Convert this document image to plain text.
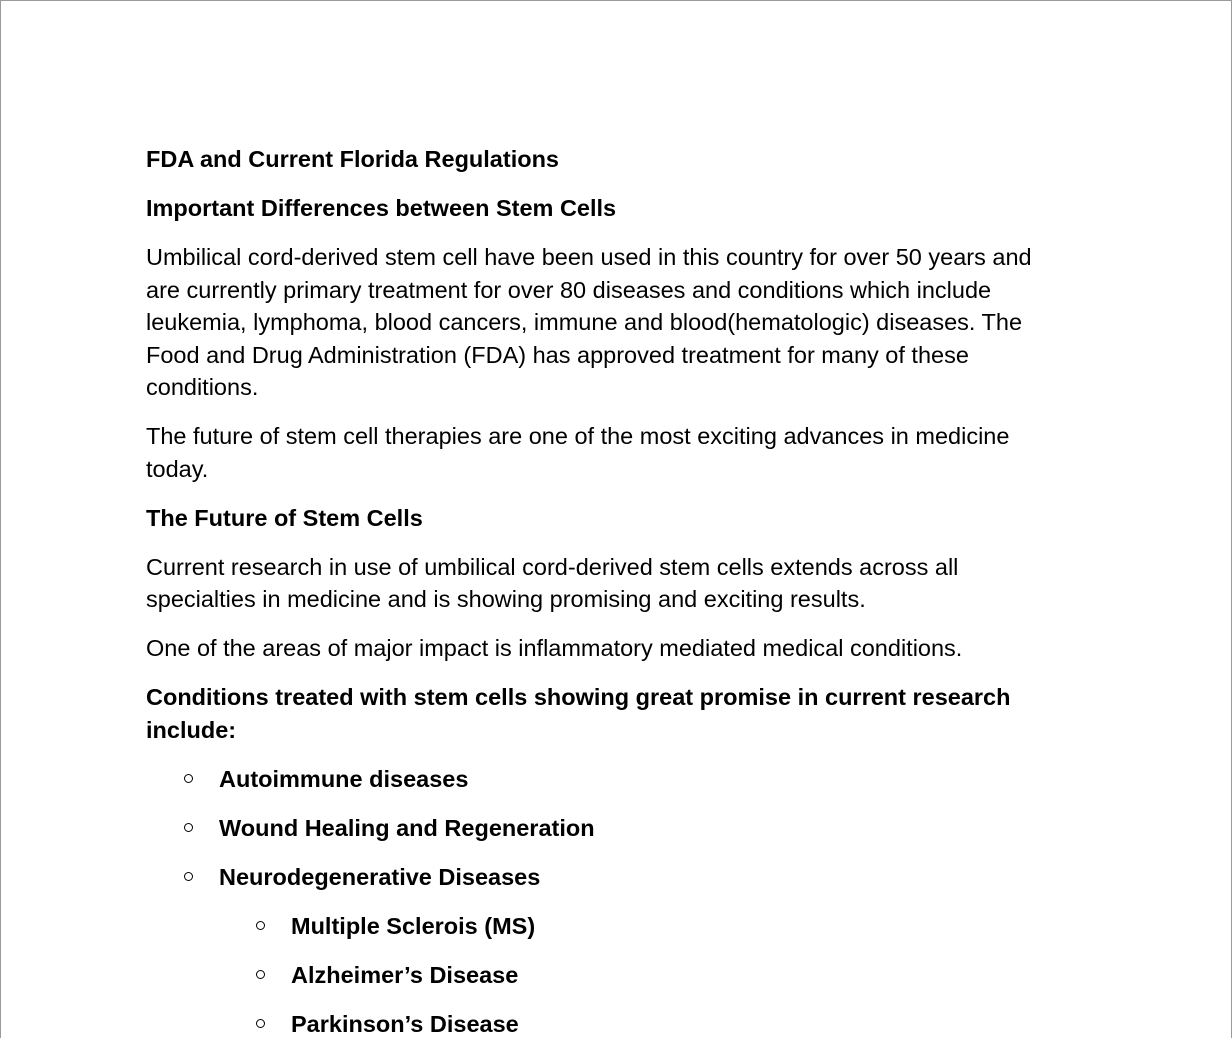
FDA and Current Florida Regulations

Important Differences between Stem Cells

Umbilical cord-derived stem cell have been used in this country for over 50 years and are currently primary treatment for over 80 diseases and conditions which include leukemia, lymphoma, blood cancers, immune and blood(hematologic) diseases. The Food and Drug Administration (FDA) has approved treatment for many of these conditions.

The future of stem cell therapies are one of the most exciting advances in medicine today.

The Future of Stem Cells

Current research in use of umbilical cord-derived stem cells extends across all specialties in medicine and is showing promising and exciting results.

One of the areas of major impact is inflammatory mediated medical conditions.

Conditions treated with stem cells showing great promise in current research include:

Autoimmune diseases
Wound Healing and Regeneration
Neurodegenerative Diseases
Multiple Sclerois (MS)
Alzheimer’s Disease
Parkinson’s Disease
